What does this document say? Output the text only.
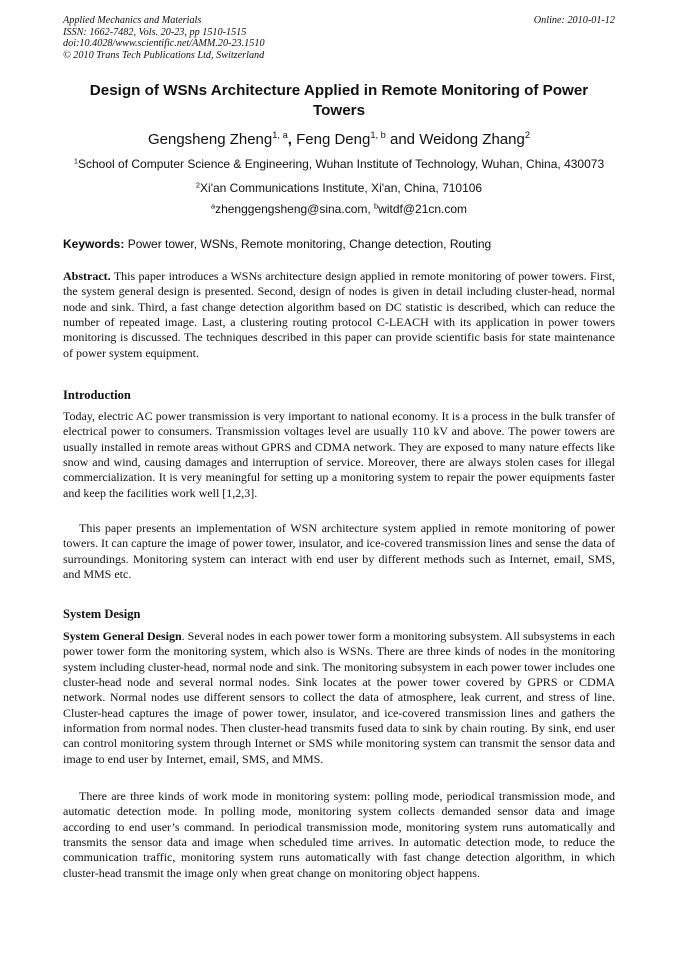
Applied Mechanics and Materials	Online: 2010-01-12
ISSN: 1662-7482, Vols. 20-23, pp 1510-1515
doi:10.4028/www.scientific.net/AMM.20-23.1510
© 2010 Trans Tech Publications Ltd, Switzerland
Design of WSNs Architecture Applied in Remote Monitoring of Power Towers
Gengsheng Zheng$^{1, a}$, Feng Deng$^{1, b}$ and Weidong Zhang$^2$
$^1$School of Computer Science & Engineering, Wuhan Institute of Technology, Wuhan, China, 430073
$^2$Xi'an Communications Institute, Xi'an, China, 710106
$^a$zhenggengsheng@sina.com, $^b$witdf@21cn.com
Keywords: Power tower, WSNs, Remote monitoring, Change detection, Routing
Abstract. This paper introduces a WSNs architecture design applied in remote monitoring of power towers. First, the system general design is presented. Second, design of nodes is given in detail including cluster-head, normal node and sink. Third, a fast change detection algorithm based on DC statistic is described, which can reduce the number of repeated image. Last, a clustering routing protocol C-LEACH with its application in power towers monitoring is discussed. The techniques described in this paper can provide scientific basis for state maintenance of power system equipment.
Introduction
Today, electric AC power transmission is very important to national economy. It is a process in the bulk transfer of electrical power to consumers. Transmission voltages level are usually 110 kV and above. The power towers are usually installed in remote areas without GPRS and CDMA network. They are exposed to many nature effects like snow and wind, causing damages and interruption of service. Moreover, there are always stolen cases for illegal commercialization. It is very meaningful for setting up a monitoring system to repair the power equipments faster and keep the facilities work well [1,2,3].
This paper presents an implementation of WSN architecture system applied in remote monitoring of power towers. It can capture the image of power tower, insulator, and ice-covered transmission lines and sense the data of surroundings. Monitoring system can interact with end user by different methods such as Internet, email, SMS, and MMS etc.
System Design
System General Design. Several nodes in each power tower form a monitoring subsystem. All subsystems in each power tower form the monitoring system, which also is WSNs. There are three kinds of nodes in the monitoring system including cluster-head, normal node and sink. The monitoring subsystem in each power tower includes one cluster-head node and several normal nodes. Sink locates at the power tower covered by GPRS or CDMA network. Normal nodes use different sensors to collect the data of atmosphere, leak current, and stress of line. Cluster-head captures the image of power tower, insulator, and ice-covered transmission lines and gathers the information from normal nodes. Then cluster-head transmits fused data to sink by chain routing. By sink, end user can control monitoring system through Internet or SMS while monitoring system can transmit the sensor data and image to end user by Internet, email, SMS, and MMS.
There are three kinds of work mode in monitoring system: polling mode, periodical transmission mode, and automatic detection mode. In polling mode, monitoring system collects demanded sensor data and image according to end user’s command. In periodical transmission mode, monitoring system runs automatically and transmits the sensor data and image when scheduled time arrives. In automatic detection mode, to reduce the communication traffic, monitoring system runs automatically with fast change detection algorithm, in which cluster-head transmit the image only when great change on monitoring object happens.
